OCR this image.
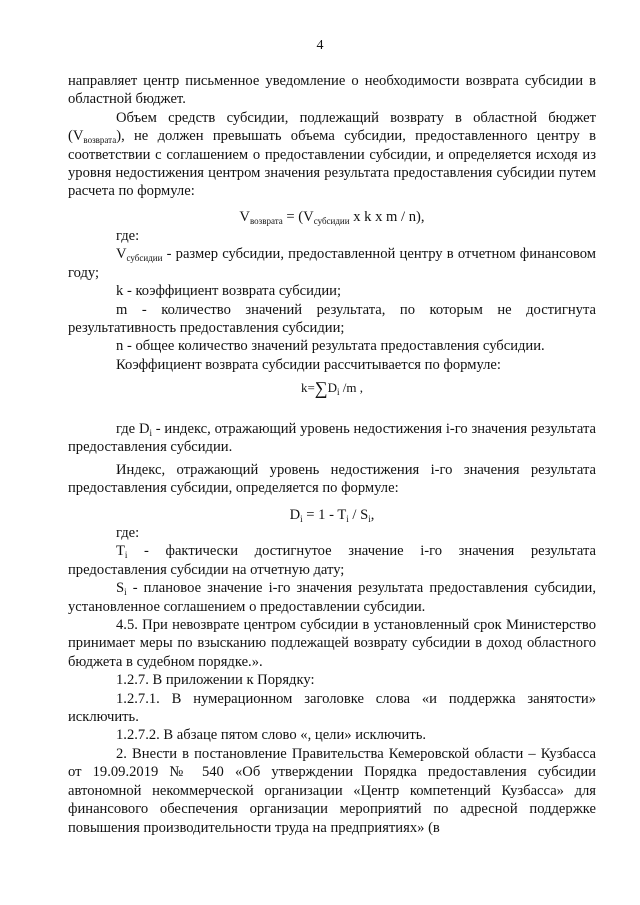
4

направляет центр письменное уведомление о необходимости возврата субсидии в областной бюджет.

Объем средств субсидии, подлежащий возврату в областной бюджет $(V_{возврата})$, не должен превышать объема субсидии, предоставленного центру в соответствии с соглашением о предоставлении субсидии, и определяется исходя из уровня недостижения центром значения результата предоставления субсидии путем расчета по формуле:

$V_{возврата} = (V_{субсидии}$ x k x m / n),

где:

$V_{субсидии}$ - размер субсидии, предоставленной центру в отчетном финансовом году;

k - коэффициент возврата субсидии;

m - количество значений результата, по которым не достигнута результативность предоставления субсидии;

n - общее количество значений результата предоставления субсидии.

Коэффициент возврата субсидии рассчитывается по формуле:

$k=\sum D_i$ /m ,

где $D_i$ - индекс, отражающий уровень недостижения i-го значения результата предоставления субсидии.

Индекс, отражающий уровень недостижения i-го значения результата предоставления субсидии, определяется по формуле:

$D_i = 1 - T_i / S_i$,

где:

$T_i$ - фактически достигнутое значение i-го значения результата предоставления субсидии на отчетную дату;

$S_i$ - плановое значение i-го значения результата предоставления субсидии, установленное соглашением о предоставлении субсидии.

4.5. При невозврате центром субсидии в установленный срок Министерство принимает меры по взысканию подлежащей возврату субсидии в доход областного бюджета в судебном порядке.».

1.2.7. В приложении к Порядку:

1.2.7.1. В нумерационном заголовке слова «и поддержка занятости» исключить.

1.2.7.2. В абзаце пятом слово «, цели» исключить.

2. Внести в постановление Правительства Кемеровской области – Кузбасса от 19.09.2019 № 540 «Об утверждении Порядка предоставления субсидии автономной некоммерческой организации «Центр компетенций Кузбасса» для финансового обеспечения организации мероприятий по адресной поддержке повышения производительности труда на предприятиях» (в
